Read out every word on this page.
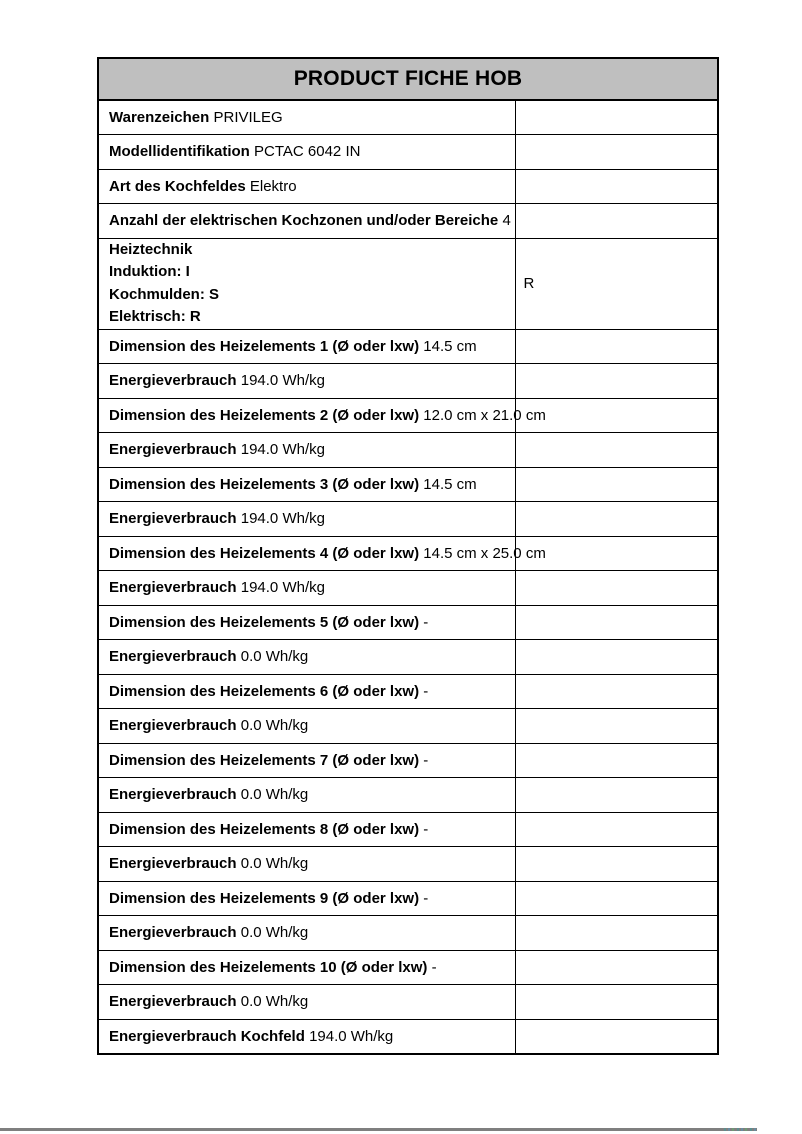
PRODUCT FICHE HOB	
Warenzeichen PRIVILEG	
Modellidentifikation PCTAC 6042 IN	
Art des Kochfeldes Elektro	
Anzahl der elektrischen Kochzonen und/oder Bereiche 4	

Heiztechnik
Induktion: I
Kochmulden: S
Elektrisch: R	R
Dimension des Heizelements 1 (Ø oder lxw) 14.5 cm	
Energieverbrauch 194.0 Wh/kg	
Dimension des Heizelements 2 (Ø oder lxw) 12.0 cm x 21.0 cm	
Energieverbrauch 194.0 Wh/kg	
Dimension des Heizelements 3 (Ø oder lxw) 14.5 cm	
Energieverbrauch 194.0 Wh/kg	
Dimension des Heizelements 4 (Ø oder lxw) 14.5 cm x 25.0 cm	
Energieverbrauch 194.0 Wh/kg	
Dimension des Heizelements 5 (Ø oder lxw) -	
Energieverbrauch 0.0 Wh/kg	
Dimension des Heizelements 6 (Ø oder lxw) -	
Energieverbrauch 0.0 Wh/kg	
Dimension des Heizelements 7 (Ø oder lxw) -	
Energieverbrauch 0.0 Wh/kg	
Dimension des Heizelements 8 (Ø oder lxw) -	
Energieverbrauch 0.0 Wh/kg	
Dimension des Heizelements 9 (Ø oder lxw) -	
Energieverbrauch 0.0 Wh/kg	
Dimension des Heizelements 10 (Ø oder lxw) -	
Energieverbrauch 0.0 Wh/kg	
Energieverbrauch Kochfeld 194.0 Wh/kg	
